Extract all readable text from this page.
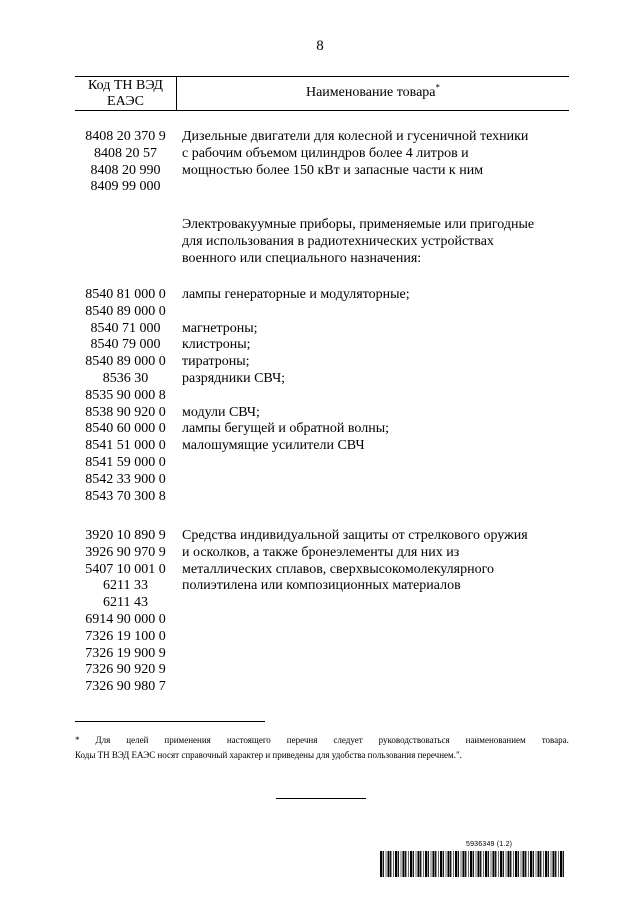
8
Код ТН ВЭД
ЕАЭС
Наименование товара*
8408 20 370 9
8408 20 57
8408 20 990
8409 99 000
Дизельные двигатели для колесной и гусеничной техники
с рабочим объемом цилиндров более 4 литров и
мощностью более 150 кВт и запасные части к ним
Электровакуумные приборы, применяемые или пригодные
для использования в радиотехнических устройствах
военного или специального назначения:
8540 81 000 0
8540 89 000 0
8540 71 000
8540 79 000
8540 89 000 0
8536 30
8535 90 000 8
8538 90 920 0
8540 60 000 0
8541 51 000 0
8541 59 000 0
8542 33 900 0
8543 70 300 8
лампы генераторные и модуляторные;
магнетроны;
клистроны;
тиратроны;
разрядники СВЧ;
модули СВЧ;
лампы бегущей и обратной волны;
малошумящие усилители СВЧ
3920 10 890 9
3926 90 970 9
5407 10 001 0
6211 33
6211 43
6914 90 000 0
7326 19 100 0
7326 19 900 9
7326 90 920 9
7326 90 980 7
Средства индивидуальной защиты от стрелкового оружия
и осколков, а также бронеэлементы для них из
металлических сплавов, сверхвысокомолекулярного
полиэтилена или композиционных материалов
* Для целей применения настоящего перечня следует руководствоваться наименованием товара.
Коды ТН ВЭД ЕАЭС носят справочный характер и приведены для удобства пользования перечнем.".
5936349 (1.2)
